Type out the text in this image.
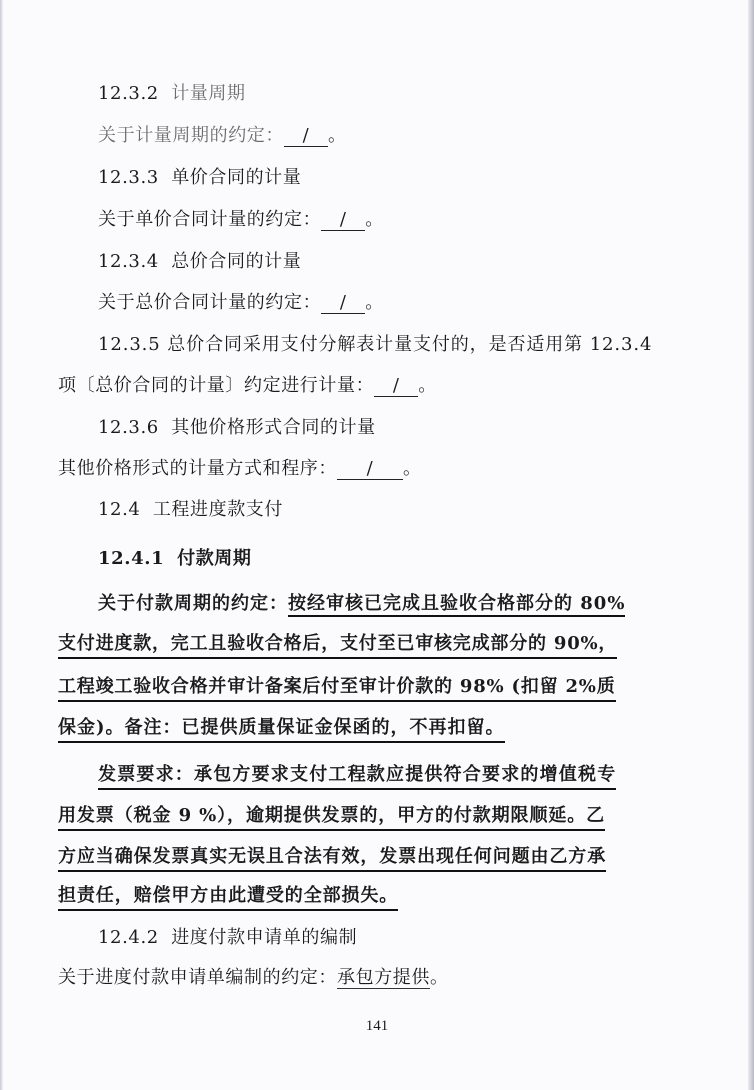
12.3.2 计量周期
关于计量周期的约定： / 。
12.3.3 单价合同的计量
关于单价合同计量的约定： / 。
12.3.4 总价合同的计量
关于总价合同计量的约定： / 。
12.3.5 总价合同采用支付分解表计量支付的，是否适用第 12.3.4
项〔总价合同的计量〕约定进行计量： / 。
12.3.6 其他价格形式合同的计量
其他价格形式的计量方式和程序： / 。
12.4 工程进度款支付
12.4.1 付款周期
关于付款周期的约定：按经审核已完成且验收合格部分的 80%
支付进度款，完工且验收合格后，支付至已审核完成部分的 90%，
工程竣工验收合格并审计备案后付至审计价款的 98% (扣留 2%质
保金)。备注：已提供质量保证金保函的，不再扣留。
发票要求：承包方要求支付工程款应提供符合要求的增值税专
用发票（税金 9 %），逾期提供发票的，甲方的付款期限顺延。乙
方应当确保发票真实无误且合法有效，发票出现任何问题由乙方承
担责任，赔偿甲方由此遭受的全部损失。
12.4.2 进度付款申请单的编制
关于进度付款申请单编制的约定：承包方提供。
141
